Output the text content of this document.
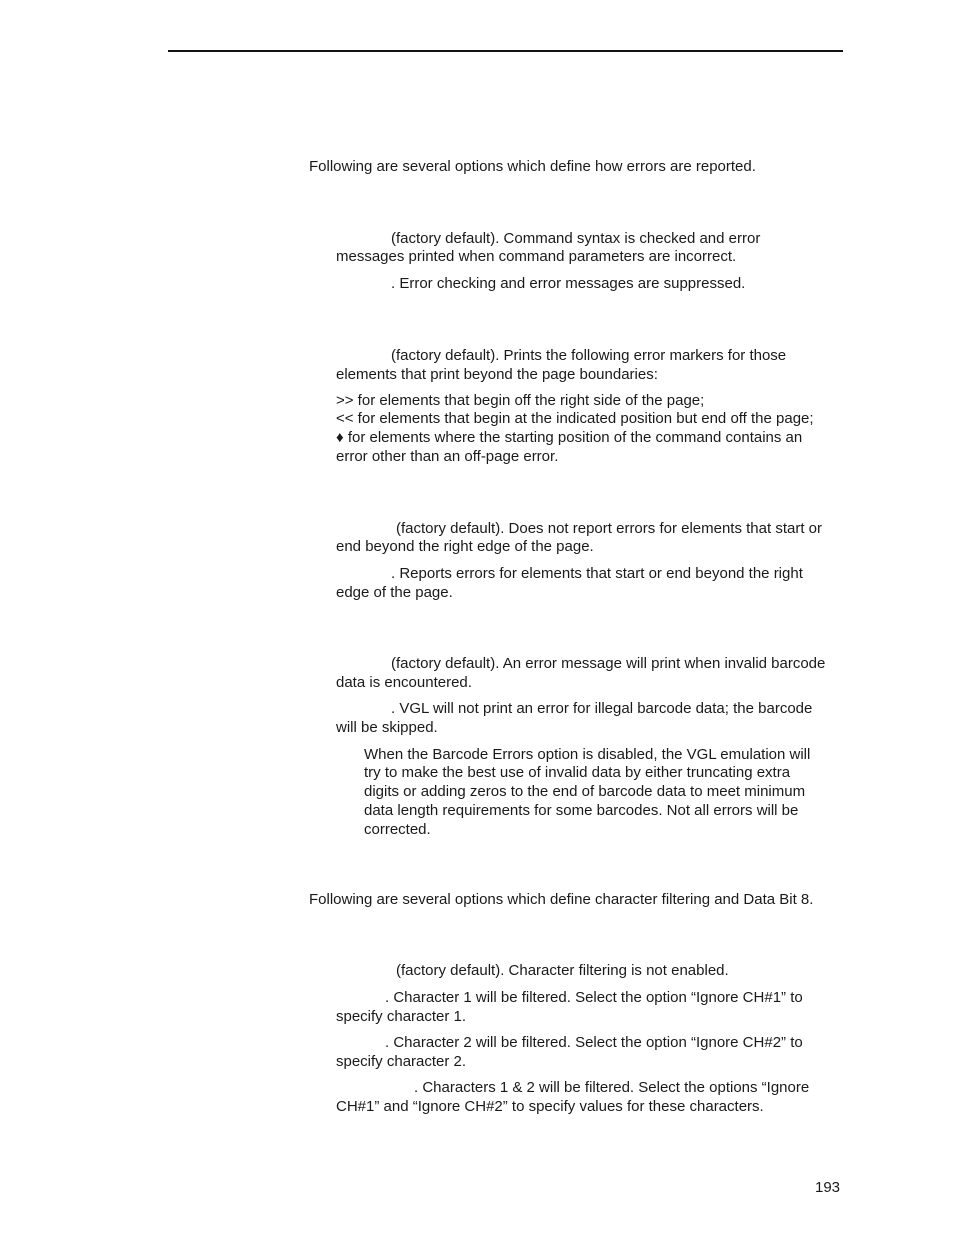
Following are several options which define how errors are reported.

(factory default). Command syntax is checked and error

messages printed when command parameters are incorrect.

. Error checking and error messages are suppressed.

(factory default). Prints the following error markers for those

elements that print beyond the page boundaries:

>> for elements that begin off the right side of the page;

<< for elements that begin at the indicated position but end off the page;

♦ for elements where the starting position of the command contains an

error other than an off-page error.

(factory default). Does not report errors for elements that start or

end beyond the right edge of the page.

. Reports errors for elements that start or end beyond the right

edge of the page.

(factory default). An error message will print when invalid barcode

data is encountered.

. VGL will not print an error for illegal barcode data; the barcode

will be skipped.

When the Barcode Errors option is disabled, the VGL emulation will

try to make the best use of invalid data by either truncating extra

digits or adding zeros to the end of barcode data to meet minimum

data length requirements for some barcodes. Not all errors will be

corrected.

Following are several options which define character filtering and Data Bit 8.

(factory default). Character filtering is not enabled.

. Character 1 will be filtered. Select the option “Ignore CH#1” to

specify character 1.

. Character 2 will be filtered. Select the option “Ignore CH#2” to

specify character 2.

. Characters 1 & 2 will be filtered. Select the options “Ignore

CH#1” and “Ignore CH#2” to specify values for these characters.

193
